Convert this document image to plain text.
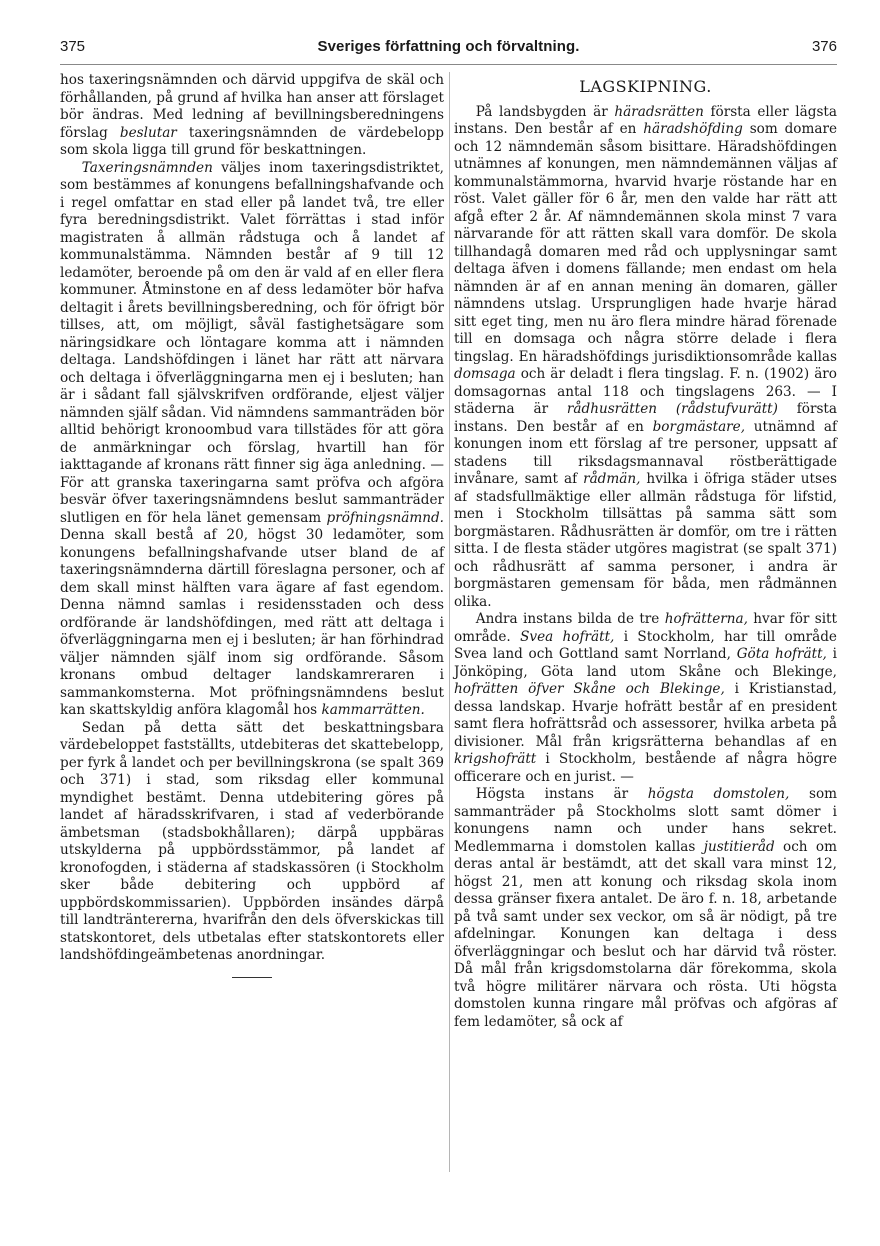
375	Sveriges författning och förvaltning.	376

hos taxeringsnämnden och därvid uppgifva de skäl och förhållanden, på grund af hvilka han anser att förslaget bör ändras. Med ledning af bevillningsberedningens förslag beslutar taxeringsnämnden de värdebelopp som skola ligga till grund för beskattningen.

Taxeringsnämnden väljes inom taxeringsdistriktet, som bestämmes af konungens befallningshafvande och i regel omfattar en stad eller på landet två, tre eller fyra beredningsdistrikt. Valet förrättas i stad inför magistraten å allmän rådstuga och å landet af kommunalstämma. Nämnden består af 9 till 12 ledamöter, beroende på om den är vald af en eller flera kommuner. Åtminstone en af dess ledamöter bör hafva deltagit i årets bevillningsberedning, och för öfrigt bör tillses, att, om möjligt, såväl fastighetsägare som näringsidkare och löntagare komma att i nämnden deltaga. Landshöfdingen i länet har rätt att närvara och deltaga i öfverläggningarna men ej i besluten; han är i sådant fall självskrifven ordförande, eljest väljer nämnden själf sådan. Vid nämndens sammanträden bör alltid behörigt kronoombud vara tillstädes för att göra de anmärkningar och förslag, hvartill han för iakttagande af kronans rätt finner sig äga anledning. — För att granska taxeringarna samt pröfva och afgöra besvär öfver taxeringsnämndens beslut sammanträder slutligen en för hela länet gemensam pröfningsnämnd. Denna skall bestå af 20, högst 30 ledamöter, som konungens befallningshafvande utser bland de af taxeringsnämnderna därtill föreslagna personer, och af dem skall minst hälften vara ägare af fast egendom. Denna nämnd samlas i residensstaden och dess ordförande är landshöfdingen, med rätt att deltaga i öfverläggningarna men ej i besluten; är han förhindrad väljer nämnden själf inom sig ordförande. Såsom kronans ombud deltager landskamreraren i sammankomsterna. Mot pröfningsnämndens beslut kan skattskyldig anföra klagomål hos kammarrätten.

Sedan på detta sätt det beskattningsbara värdebeloppet fastställts, utdebiteras det skattebelopp, per fyrk å landet och per bevillningskrona (se spalt 369 och 371) i stad, som riksdag eller kommunal myndighet bestämt. Denna utdebitering göres på landet af häradsskrifvaren, i stad af vederbörande ämbetsman (stadsbokhållaren); därpå uppbäras utskylderna på uppbördsstämmor, på landet af kronofogden, i städerna af stadskassören (i Stockholm sker både debitering och uppbörd af uppbördskommissarien). Uppbörden insändes därpå till landträntererna, hvarifrån den dels öfverskickas till statskontoret, dels utbetalas efter statskontorets eller landshöfdingeämbetenas anordningar.

LAGSKIPNING.

På landsbygden är häradsrätten första eller lägsta instans. Den består af en häradshöfding som domare och 12 nämndemän såsom bisittare. Häradshöfdingen utnämnes af konungen, men nämndemännen väljas af kommunalstämmorna, hvarvid hvarje röstande har en röst. Valet gäller för 6 år, men den valde har rätt att afgå efter 2 år. Af nämndemännen skola minst 7 vara närvarande för att rätten skall vara domför. De skola tillhandagå domaren med råd och upplysningar samt deltaga äfven i domens fällande; men endast om hela nämnden är af en annan mening än domaren, gäller nämndens utslag. Ursprungligen hade hvarje härad sitt eget ting, men nu äro flera mindre härad förenade till en domsaga och några större delade i flera tingslag. En häradshöfdings jurisdiktionsområde kallas domsaga och är deladt i flera tingslag. F. n. (1902) äro domsagornas antal 118 och tingslagens 263. — I städerna är rådhusrätten (rådstufvurätt) första instans. Den består af en borgmästare, utnämnd af konungen inom ett förslag af tre personer, uppsatt af stadens till riksdagsmannaval röstberättigade invånare, samt af rådmän, hvilka i öfriga städer utses af stadsfullmäktige eller allmän rådstuga för lifstid, men i Stockholm tillsättas på samma sätt som borgmästaren. Rådhusrätten är domför, om tre i rätten sitta. I de flesta städer utgöres magistrat (se spalt 371) och rådhusrätt af samma personer, i andra är borgmästaren gemensam för båda, men rådmännen olika.

Andra instans bilda de tre hofrätterna, hvar för sitt område. Svea hofrätt, i Stockholm, har till område Svea land och Gottland samt Norrland, Göta hofrätt, i Jönköping, Göta land utom Skåne och Blekinge, hofrätten öfver Skåne och Blekinge, i Kristianstad, dessa landskap. Hvarje hofrätt består af en president samt flera hofrättsråd och assessorer, hvilka arbeta på divisioner. Mål från krigsrätterna behandlas af en krigshofrätt i Stockholm, bestående af några högre officerare och en jurist. —

Högsta instans är högsta domstolen, som sammanträder på Stockholms slott samt dömer i konungens namn och under hans sekret. Medlemmarna i domstolen kallas justitieråd och om deras antal är bestämdt, att det skall vara minst 12, högst 21, men att konung och riksdag skola inom dessa gränser fixera antalet. De äro f. n. 18, arbetande på två samt under sex veckor, om så är nödigt, på tre afdelningar. Konungen kan deltaga i dess öfverläggningar och beslut och har därvid två röster. Då mål från krigsdomstolarna där förekomma, skola två högre militärer närvara och rösta. Uti högsta domstolen kunna ringare mål pröfvas och afgöras af fem ledamöter, så ock af
